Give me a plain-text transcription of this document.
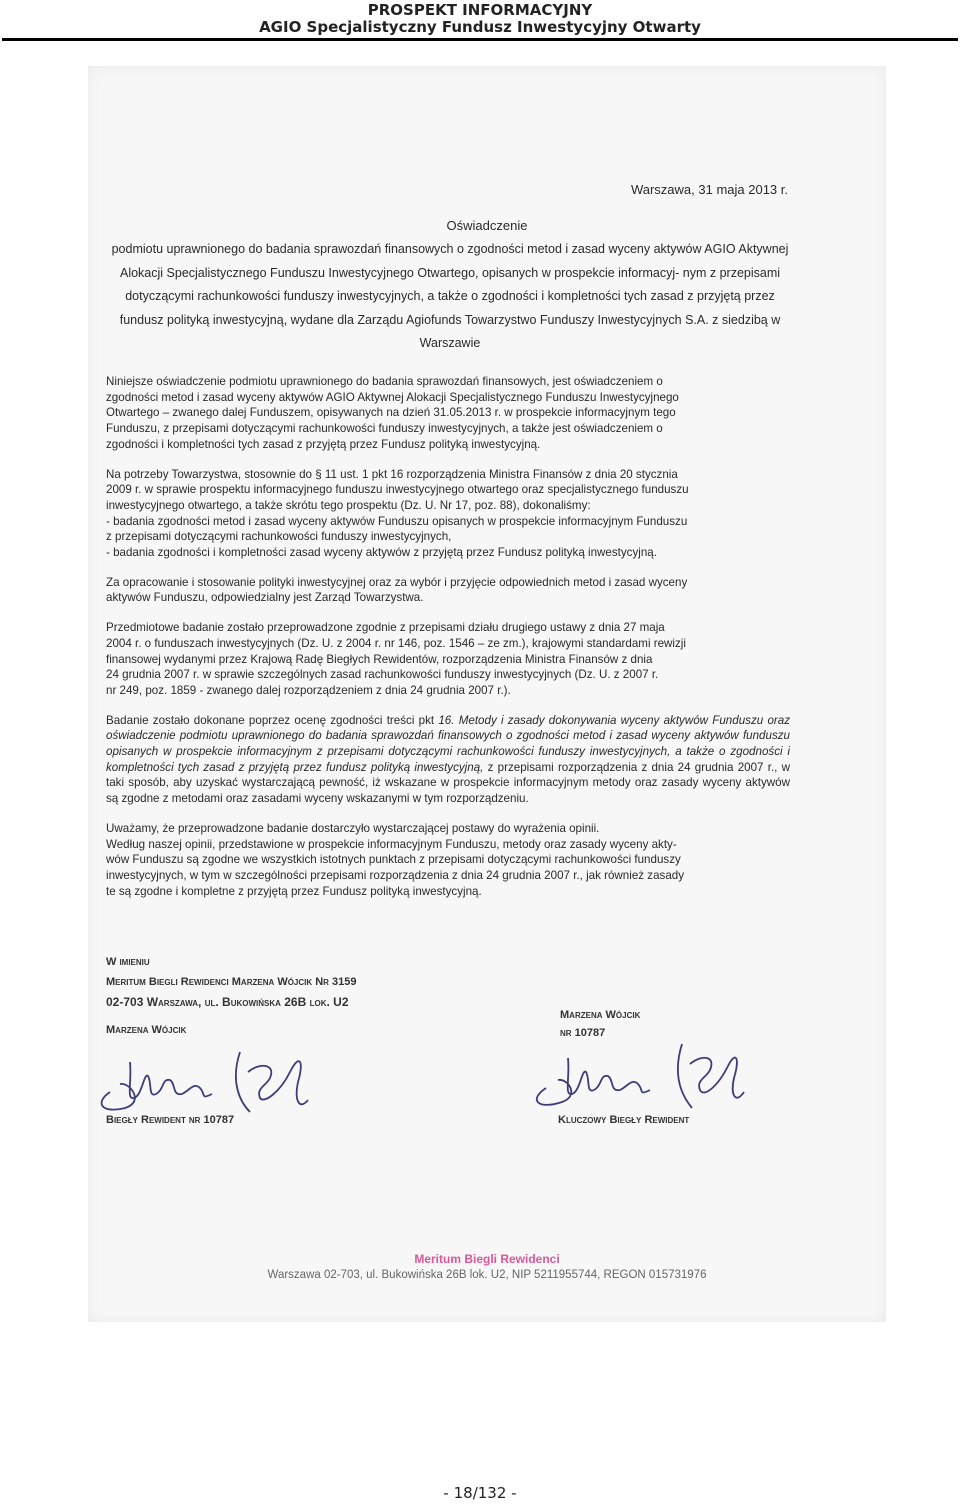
PROSPEKT INFORMACYJNY
AGIO Specjalistyczny Fundusz Inwestycyjny Otwarty
Warszawa, 31 maja 2013 r.
Oświadczenie
podmiotu uprawnionego do badania sprawozdań finansowych o zgodności metod i zasad wyceny aktywów AGIO Aktywnej Alokacji Specjalistycznego Funduszu Inwestycyjnego Otwartego, opisanych w prospekcie informacyj- nym z przepisami dotyczącymi rachunkowości funduszy inwestycyjnych, a także o zgodności i kompletności tych zasad z przyjętą przez fundusz polityką inwestycyjną, wydane dla Zarządu Agiofunds Towarzystwo Funduszy Inwestycyjnych S.A. z siedzibą w Warszawie

Niniejsze oświadczenie podmiotu uprawnionego do badania sprawozdań finansowych, jest oświadczeniem o
zgodności metod i zasad wyceny aktywów AGIO Aktywnej Alokacji Specjalistycznego Funduszu Inwestycyjnego
Otwartego – zwanego dalej Funduszem, opisywanych na dzień 31.05.2013 r. w prospekcie informacyjnym tego
Funduszu, z przepisami dotyczącymi rachunkowości funduszy inwestycyjnych, a także jest oświadczeniem o
zgodności i kompletności tych zasad z przyjętą przez Fundusz polityką inwestycyjną.

Na potrzeby Towarzystwa, stosownie do § 11 ust. 1 pkt 16 rozporządzenia Ministra Finansów z dnia 20 stycznia
2009 r. w sprawie prospektu informacyjnego funduszu inwestycyjnego otwartego oraz specjalistycznego funduszu
inwestycyjnego otwartego, a także skrótu tego prospektu (Dz. U. Nr 17, poz. 88), dokonaliśmy:
- badania zgodności metod i zasad wyceny aktywów Funduszu opisanych w prospekcie informacyjnym Funduszu
z przepisami dotyczącymi rachunkowości funduszy inwestycyjnych,
- badania zgodności i kompletności zasad wyceny aktywów z przyjętą przez Fundusz polityką inwestycyjną.

Za opracowanie i stosowanie polityki inwestycyjnej oraz za wybór i przyjęcie odpowiednich metod i zasad wyceny
aktywów Funduszu, odpowiedzialny jest Zarząd Towarzystwa.

Przedmiotowe badanie zostało przeprowadzone zgodnie z przepisami działu drugiego ustawy z dnia 27 maja
2004 r. o funduszach inwestycyjnych (Dz. U. z 2004 r. nr 146, poz. 1546 – ze zm.), krajowymi standardami rewizji
finansowej wydanymi przez Krajową Radę Biegłych Rewidentów, rozporządzenia Ministra Finansów z dnia
24 grudnia 2007 r. w sprawie szczególnych zasad rachunkowości funduszy inwestycyjnych (Dz. U. z 2007 r.
nr 249, poz. 1859 - zwanego dalej rozporządzeniem z dnia 24 grudnia 2007 r.).

Badanie zostało dokonane poprzez ocenę zgodności treści pkt 16. Metody i zasady dokonywania wyceny aktywów Funduszu oraz oświadczenie podmiotu uprawnionego do badania sprawozdań finansowych o zgodności metod i zasad wyceny aktywów funduszu opisanych w prospekcie informacyjnym z przepisami dotyczącymi rachunkowości funduszy inwestycyjnych, a także o zgodności i kompletności tych zasad z przyjętą przez fundusz polityką inwestycyjną, z przepisami rozporządzenia z dnia 24 grudnia 2007 r., w taki sposób, aby uzyskać wystarczającą pewność, iż wskazane w prospekcie informacyjnym metody oraz zasady wyceny aktywów są zgodne z metodami oraz zasadami wyceny wskazanymi w tym rozporządzeniu.

Uważamy, że przeprowadzone badanie dostarczyło wystarczającej postawy do wyrażenia opinii.
Według naszej opinii, przedstawione w prospekcie informacyjnym Funduszu, metody oraz zasady wyceny akty-
wów Funduszu są zgodne we wszystkich istotnych punktach z przepisami dotyczącymi rachunkowości funduszy
inwestycyjnych, w tym w szczególności przepisami rozporządzenia z dnia 24 grudnia 2007 r., jak również zasady
te są zgodne i kompletne z przyjętą przez Fundusz polityką inwestycyjną.

W imieniu
Meritum Biegli Rewidenci Marzena Wójcik Nr 3159
02-703 Warszawa, ul. Bukowińska 26B lok. U2
Marzena Wójcik
Biegły Rewident nr 10787
Marzena Wójcik
nr 10787
Kluczowy Biegły Rewident
Meritum Biegli Rewidenci
Warszawa 02-703, ul. Bukowińska 26B lok. U2, NIP 5211955744, REGON 015731976
- 18/132 -
